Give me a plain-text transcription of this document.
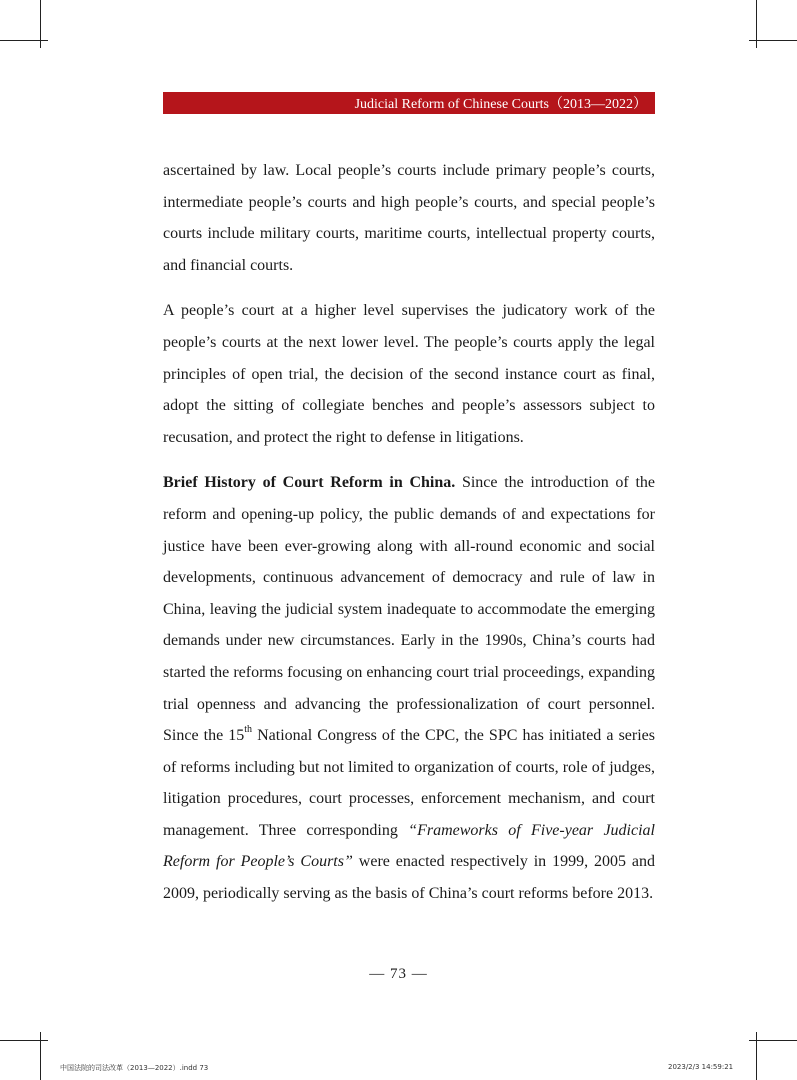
Judicial Reform of Chinese Courts（2013—2022）

ascertained by law. Local people’s courts include primary people’s courts, intermediate people’s courts and high people’s courts, and special people’s courts include military courts, maritime courts, intellectual property courts, and financial courts.

A people’s court at a higher level supervises the judicatory work of the people’s courts at the next lower level. The people’s courts apply the legal principles of open trial, the decision of the second instance court as final, adopt the sitting of collegiate benches and people’s assessors subject to recusation, and protect the right to defense in litigations.

Brief History of Court Reform in China. Since the introduction of the reform and opening-up policy, the public demands of and expectations for justice have been ever-growing along with all-round economic and social developments, continuous advancement of democracy and rule of law in China, leaving the judicial system inadequate to accommodate the emerging demands under new circumstances. Early in the 1990s, China’s courts had started the reforms focusing on enhancing court trial proceedings, expanding trial openness and advancing the professionalization of court personnel. Since the 15th National Congress of the CPC, the SPC has initiated a series of reforms including but not limited to organization of courts, role of judges, litigation procedures, court processes, enforcement mechanism, and court management. Three corresponding “Frameworks of Five-year Judicial Reform for People’s Courts” were enacted respectively in 1999, 2005 and 2009, periodically serving as the basis of China’s court reforms before 2013.

— 73 —
中国法院的司法改革（2013—2022）.indd 73	2023/2/3 14:59:21
